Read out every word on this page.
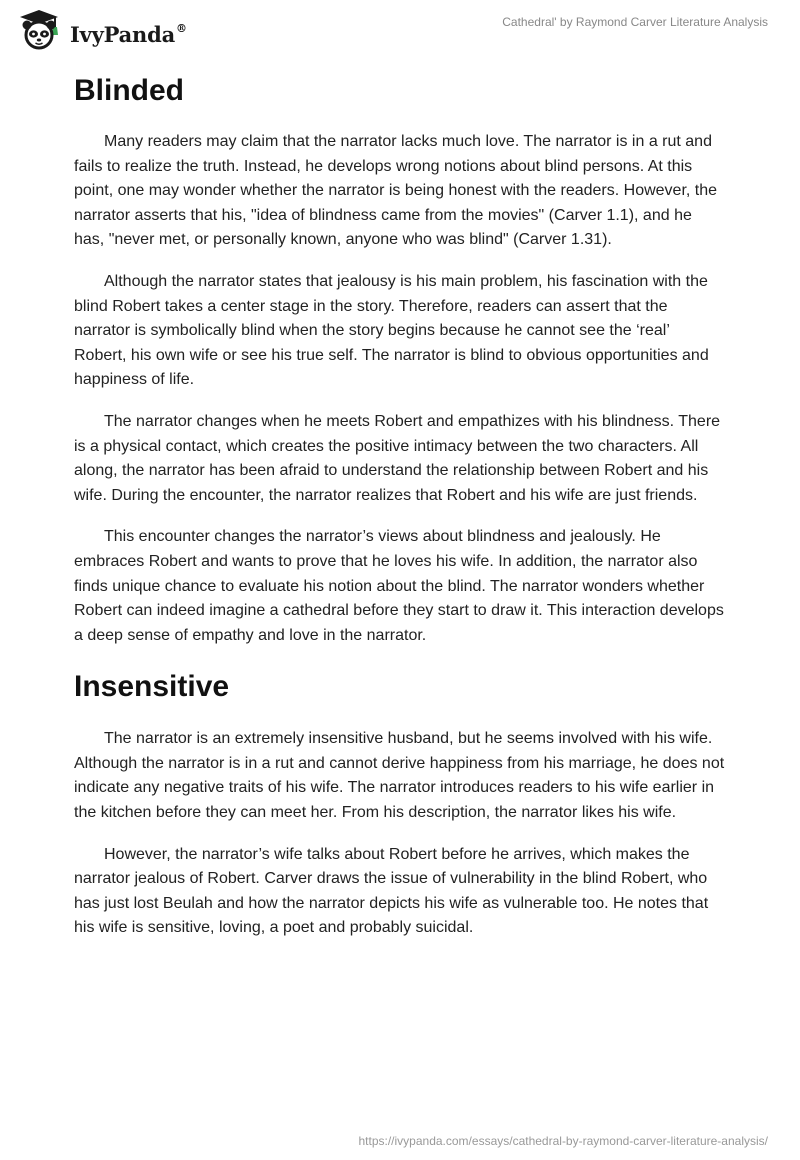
IvyPanda®	Cathedral' by Raymond Carver Literature Analysis
Blinded

Many readers may claim that the narrator lacks much love. The narrator is in a rut and fails to realize the truth. Instead, he develops wrong notions about blind persons. At this point, one may wonder whether the narrator is being honest with the readers. However, the narrator asserts that his, "idea of blindness came from the movies" (Carver 1.1), and he has, "never met, or personally known, anyone who was blind" (Carver 1.31).

Although the narrator states that jealousy is his main problem, his fascination with the blind Robert takes a center stage in the story. Therefore, readers can assert that the narrator is symbolically blind when the story begins because he cannot see the ‘real’ Robert, his own wife or see his true self. The narrator is blind to obvious opportunities and happiness of life.

The narrator changes when he meets Robert and empathizes with his blindness. There is a physical contact, which creates the positive intimacy between the two characters. All along, the narrator has been afraid to understand the relationship between Robert and his wife. During the encounter, the narrator realizes that Robert and his wife are just friends.

This encounter changes the narrator’s views about blindness and jealously. He embraces Robert and wants to prove that he loves his wife. In addition, the narrator also finds unique chance to evaluate his notion about the blind. The narrator wonders whether Robert can indeed imagine a cathedral before they start to draw it. This interaction develops a deep sense of empathy and love in the narrator.

Insensitive

The narrator is an extremely insensitive husband, but he seems involved with his wife. Although the narrator is in a rut and cannot derive happiness from his marriage, he does not indicate any negative traits of his wife. The narrator introduces readers to his wife earlier in the kitchen before they can meet her. From his description, the narrator likes his wife.

However, the narrator’s wife talks about Robert before he arrives, which makes the narrator jealous of Robert. Carver draws the issue of vulnerability in the blind Robert, who has just lost Beulah and how the narrator depicts his wife as vulnerable too. He notes that his wife is sensitive, loving, a poet and probably suicidal.

https://ivypanda.com/essays/cathedral-by-raymond-carver-literature-analysis/
